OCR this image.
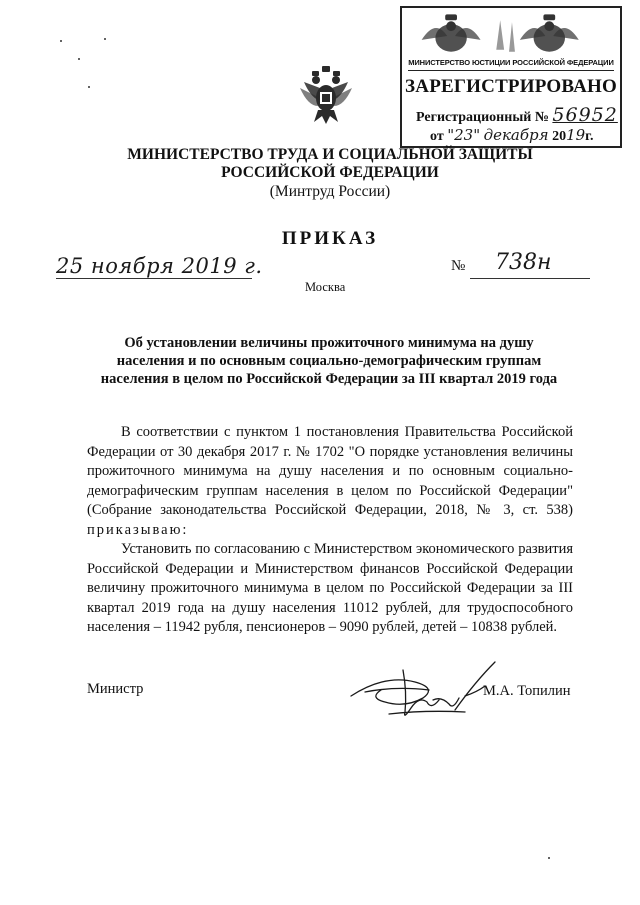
МИНИСТЕРСТВО ЮСТИЦИИ РОССИЙСКОЙ ФЕДЕРАЦИИ
ЗАРЕГИСТРИРОВАНО
Регистрационный № 56952
от "23" декабря 2019г.
МИНИСТЕРСТВО ТРУДА И СОЦИАЛЬНОЙ ЗАЩИТЫ
РОССИЙСКОЙ ФЕДЕРАЦИИ
(Минтруд России)
ПРИКАЗ
25 ноября 2019 г.	№ 738н
Москва
Об установлении величины прожиточного минимума на душу
населения и по основным социально-демографическим группам
населения в целом по Российской Федерации за III квартал 2019 года
В соответствии с пунктом 1 постановления Правительства Российской Федерации от 30 декабря 2017 г. № 1702 "О порядке установления величины прожиточного минимума на душу населения и по основным социально-демографическим группам населения в целом по Российской Федерации" (Собрание законодательства Российской Федерации, 2018, № 3, ст. 538) приказываю:
Установить по согласованию с Министерством экономического развития Российской Федерации и Министерством финансов Российской Федерации величину прожиточного минимума в целом по Российской Федерации за III квартал 2019 года на душу населения 11012 рублей, для трудоспособного населения – 11942 рубля, пенсионеров – 9090 рублей, детей – 10838 рублей.
Министр	М.А. Топилин
